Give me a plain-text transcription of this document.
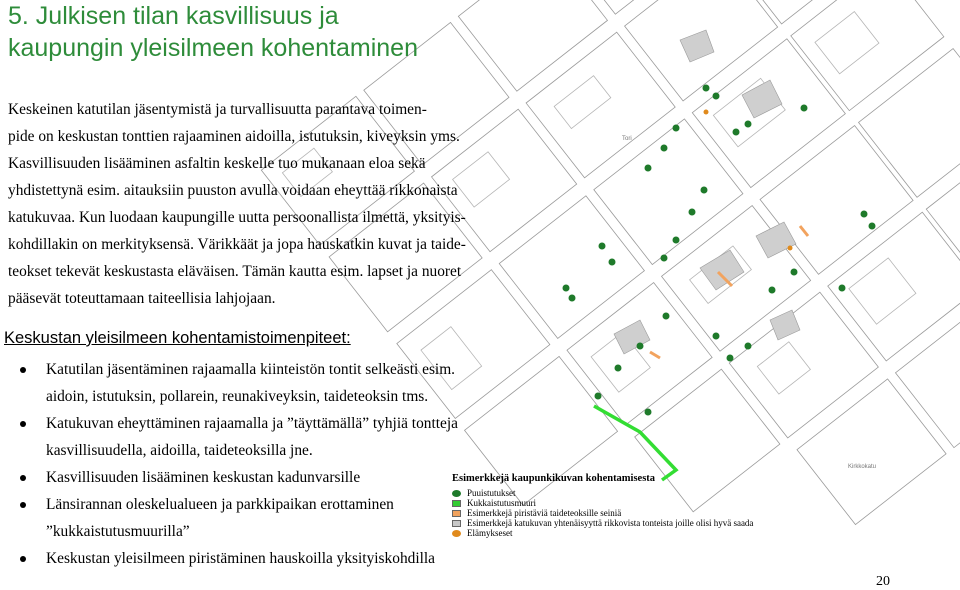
Tori
Kirkkokatu
5. Julkisen tilan kasvillisuus ja
kaupungin yleisilmeen kohentaminen
Keskeinen katutilan jäsentymistä ja turvallisuutta parantava toimen-
pide on keskustan tonttien rajaaminen aidoilla, istutuksin, kiveyksin yms.
Kasvillisuuden lisääminen asfaltin keskelle tuo mukanaan eloa sekä
yhdistettynä esim. aitauksiin puuston avulla voidaan eheyttää rikkonaista
katukuvaa. Kun luodaan kaupungille uutta persoonallista ilmettä, yksityis-
kohdillakin on merkityksensä. Värikkäät ja jopa hauskatkin kuvat ja taide-
teokset tekevät keskustasta eläväisen. Tämän kautta esim. lapset ja nuoret
pääsevät toteuttamaan taiteellisia lahjojaan.
Keskustan yleisilmeen kohentamistoimenpiteet:
Katutilan jäsentäminen rajaamalla kiinteistön tontit selkeästi esim.
aidoin, istutuksin, pollarein, reunakiveyksin, taideteoksin tms.
Katukuvan eheyttäminen rajaamalla ja ”täyttämällä” tyhjiä tontteja
kasvillisuudella, aidoilla, taideteoksilla jne.
Kasvillisuuden lisääminen keskustan kadunvarsille
Länsirannan oleskelualueen ja parkkipaikan erottaminen
”kukkaistutusmuurilla”
Keskustan yleisilmeen piristäminen hauskoilla yksityiskohdilla
Esimerkkejä kaupunkikuvan kohentamisesta
Puuistutukset
Kukkaistutusmuuri
Esimerkkejä piristäviä taideteoksille seiniä
Esimerkkejä katukuvan yhtenäisyyttä rikkovista tonteista joille olisi hyvä saada
Elämykseset
20
